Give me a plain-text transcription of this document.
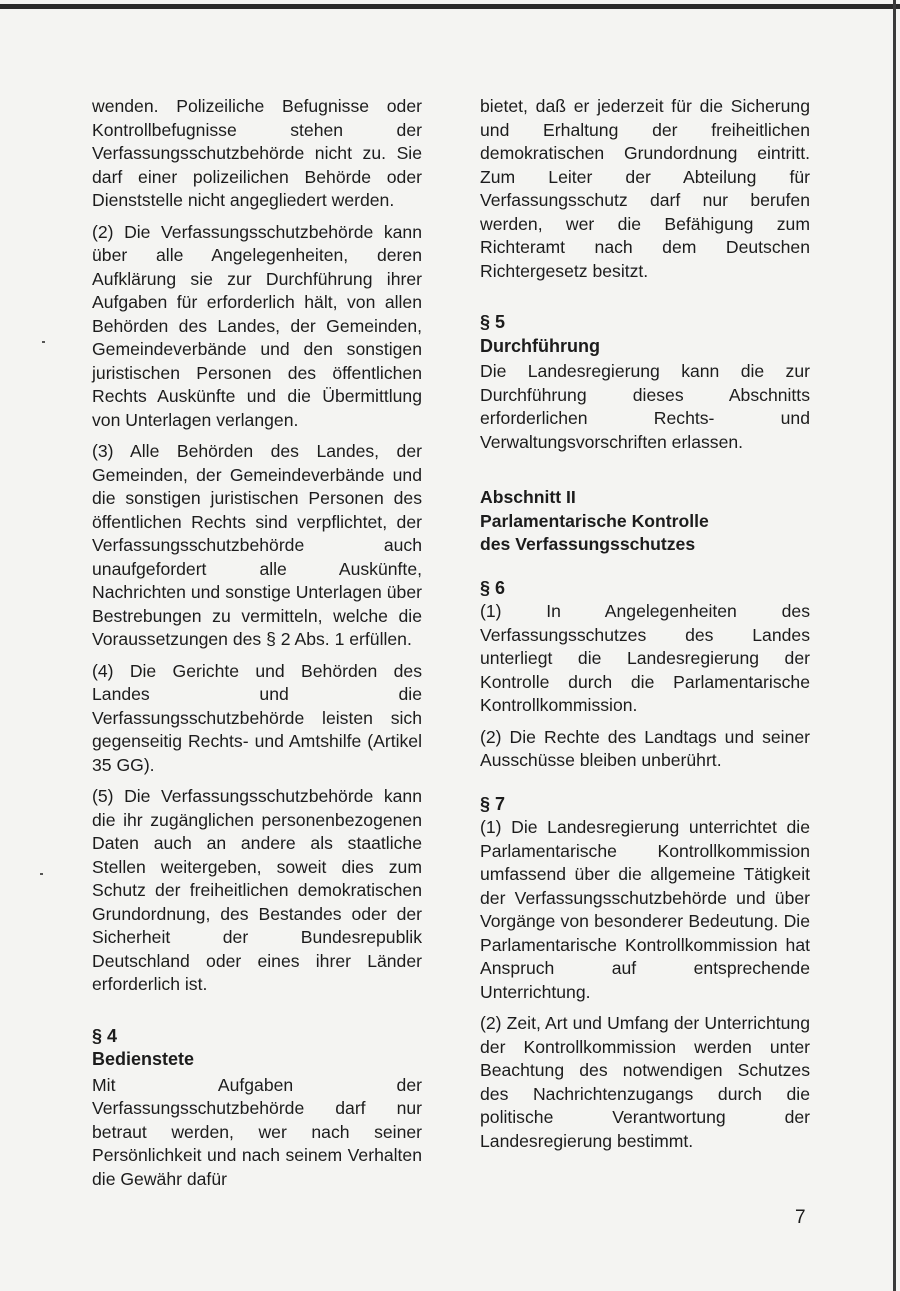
wenden. Polizeiliche Befugnisse oder Kontrollbefugnisse stehen der Verfassungsschutzbehörde nicht zu. Sie darf einer polizeilichen Behörde oder Dienststelle nicht angegliedert werden.

(2) Die Verfassungsschutzbehörde kann über alle Angelegenheiten, deren Aufklärung sie zur Durchführung ihrer Aufgaben für erforderlich hält, von allen Behörden des Landes, der Gemeinden, Gemeindeverbände und den sonstigen juristischen Personen des öffentlichen Rechts Auskünfte und die Übermittlung von Unterlagen verlangen.

(3) Alle Behörden des Landes, der Gemeinden, der Gemeindeverbände und die sonstigen juristischen Personen des öffentlichen Rechts sind verpflichtet, der Verfassungsschutzbehörde auch unaufgefordert alle Auskünfte, Nachrichten und sonstige Unterlagen über Bestrebungen zu vermitteln, welche die Voraussetzungen des § 2 Abs. 1 erfüllen.

(4) Die Gerichte und Behörden des Landes und die Verfassungsschutzbehörde leisten sich gegenseitig Rechts- und Amtshilfe (Artikel 35 GG).

(5) Die Verfassungsschutzbehörde kann die ihr zugänglichen personenbezogenen Daten auch an andere als staatliche Stellen weitergeben, soweit dies zum Schutz der freiheitlichen demokratischen Grundordnung, des Bestandes oder der Sicherheit der Bundesrepublik Deutschland oder eines ihrer Länder erforderlich ist.

§ 4
Bedienstete

Mit Aufgaben der Verfassungsschutzbehörde darf nur betraut werden, wer nach seiner Persönlichkeit und nach seinem Verhalten die Gewähr dafür

bietet, daß er jederzeit für die Sicherung und Erhaltung der freiheitlichen demokratischen Grundordnung eintritt. Zum Leiter der Abteilung für Verfassungsschutz darf nur berufen werden, wer die Befähigung zum Richteramt nach dem Deutschen Richtergesetz besitzt.

§ 5
Durchführung

Die Landesregierung kann die zur Durchführung dieses Abschnitts erforderlichen Rechts- und Verwaltungsvorschriften erlassen.

Abschnitt II
Parlamentarische Kontrolle
des Verfassungsschutzes
§ 6

(1) In Angelegenheiten des Verfassungsschutzes des Landes unterliegt die Landesregierung der Kontrolle durch die Parlamentarische Kontrollkommission.

(2) Die Rechte des Landtags und seiner Ausschüsse bleiben unberührt.

§ 7

(1) Die Landesregierung unterrichtet die Parlamentarische Kontrollkommission umfassend über die allgemeine Tätigkeit der Verfassungsschutzbehörde und über Vorgänge von besonderer Bedeutung. Die Parlamentarische Kontrollkommission hat Anspruch auf entsprechende Unterrichtung.

(2) Zeit, Art und Umfang der Unterrichtung der Kontrollkommission werden unter Beachtung des notwendigen Schutzes des Nachrichtenzugangs durch die politische Verantwortung der Landesregierung bestimmt.

7
